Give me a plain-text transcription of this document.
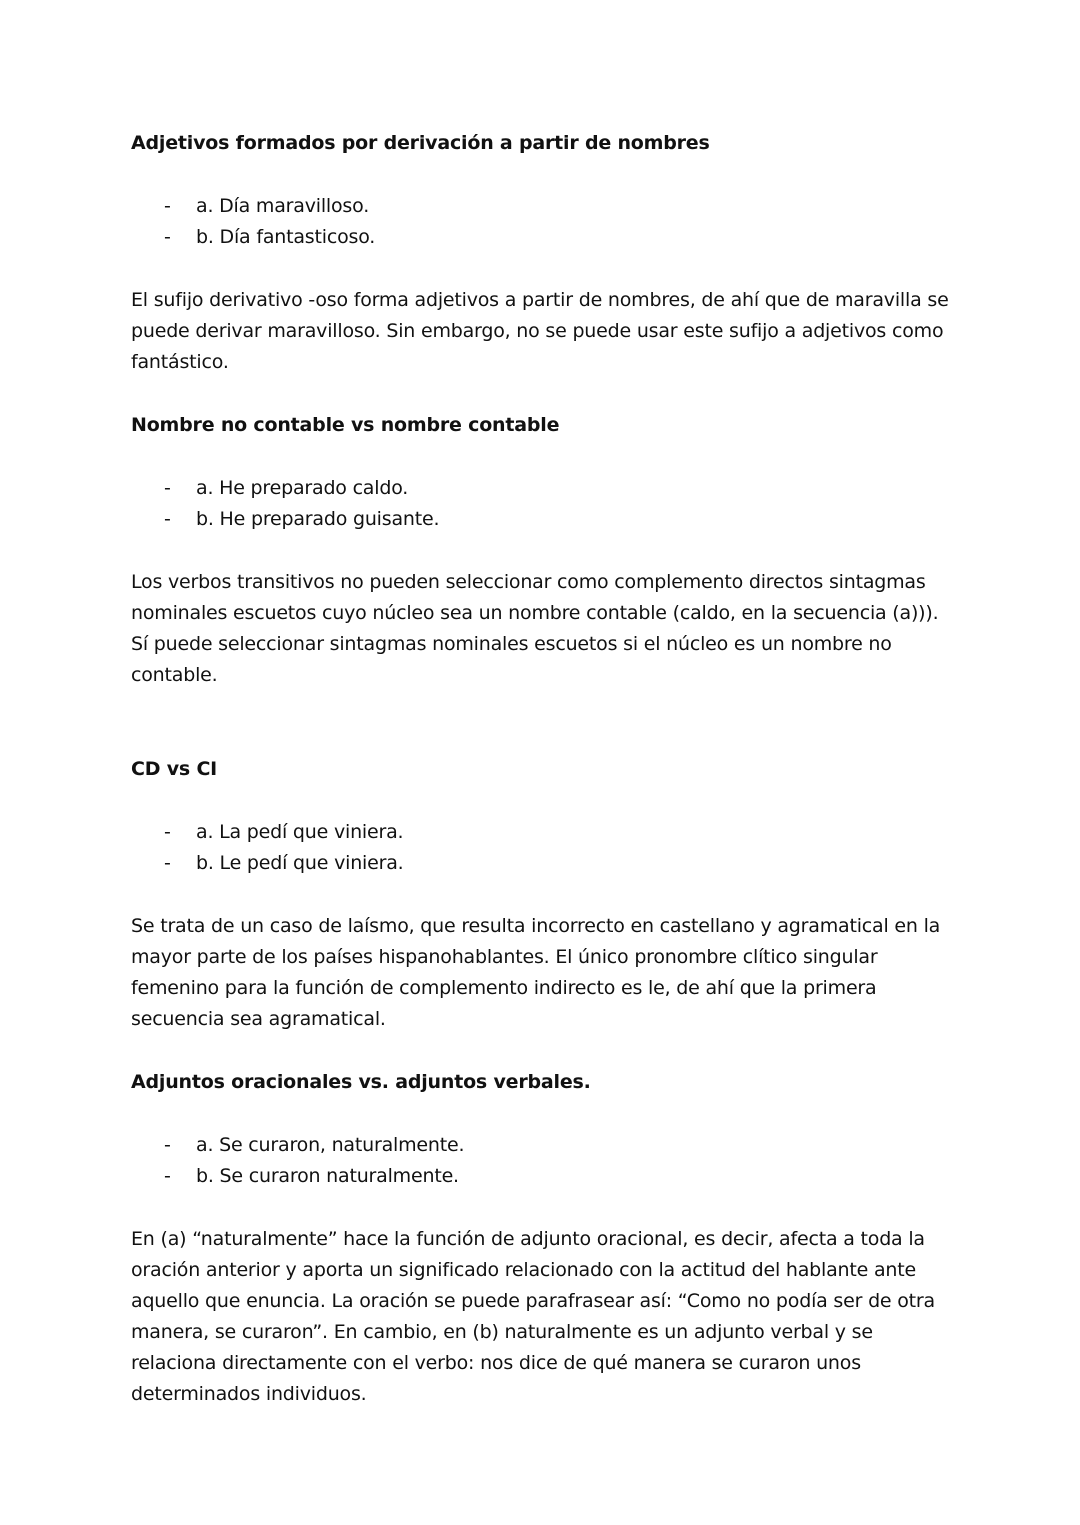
Adjetivos formados por derivación a partir de nombres

- a. Día maravilloso.
- b. Día fantasticoso.

El sufijo derivativo -oso forma adjetivos a partir de nombres, de ahí que de maravilla se puede derivar maravilloso. Sin embargo, no se puede usar este sufijo a adjetivos como fantástico.

Nombre no contable vs nombre contable

- a. He preparado caldo.
- b. He preparado guisante.

Los verbos transitivos no pueden seleccionar como complemento directos sintagmas nominales escuetos cuyo núcleo sea un nombre contable (caldo, en la secuencia (a))). Sí puede seleccionar sintagmas nominales escuetos si el núcleo es un nombre no contable.

CD vs CI

- a. La pedí que viniera.
- b. Le pedí que viniera.

Se trata de un caso de laísmo, que resulta incorrecto en castellano y agramatical en la mayor parte de los países hispanohablantes. El único pronombre clítico singular femenino para la función de complemento indirecto es le, de ahí que la primera secuencia sea agramatical.

Adjuntos oracionales vs. adjuntos verbales.

- a. Se curaron, naturalmente.
- b. Se curaron naturalmente.

En (a) “naturalmente” hace la función de adjunto oracional, es decir, afecta a toda la oración anterior y aporta un significado relacionado con la actitud del hablante ante aquello que enuncia. La oración se puede parafrasear así: “Como no podía ser de otra manera, se curaron”. En cambio, en (b) naturalmente es un adjunto verbal y se relaciona directamente con el verbo: nos dice de qué manera se curaron unos determinados individuos.
